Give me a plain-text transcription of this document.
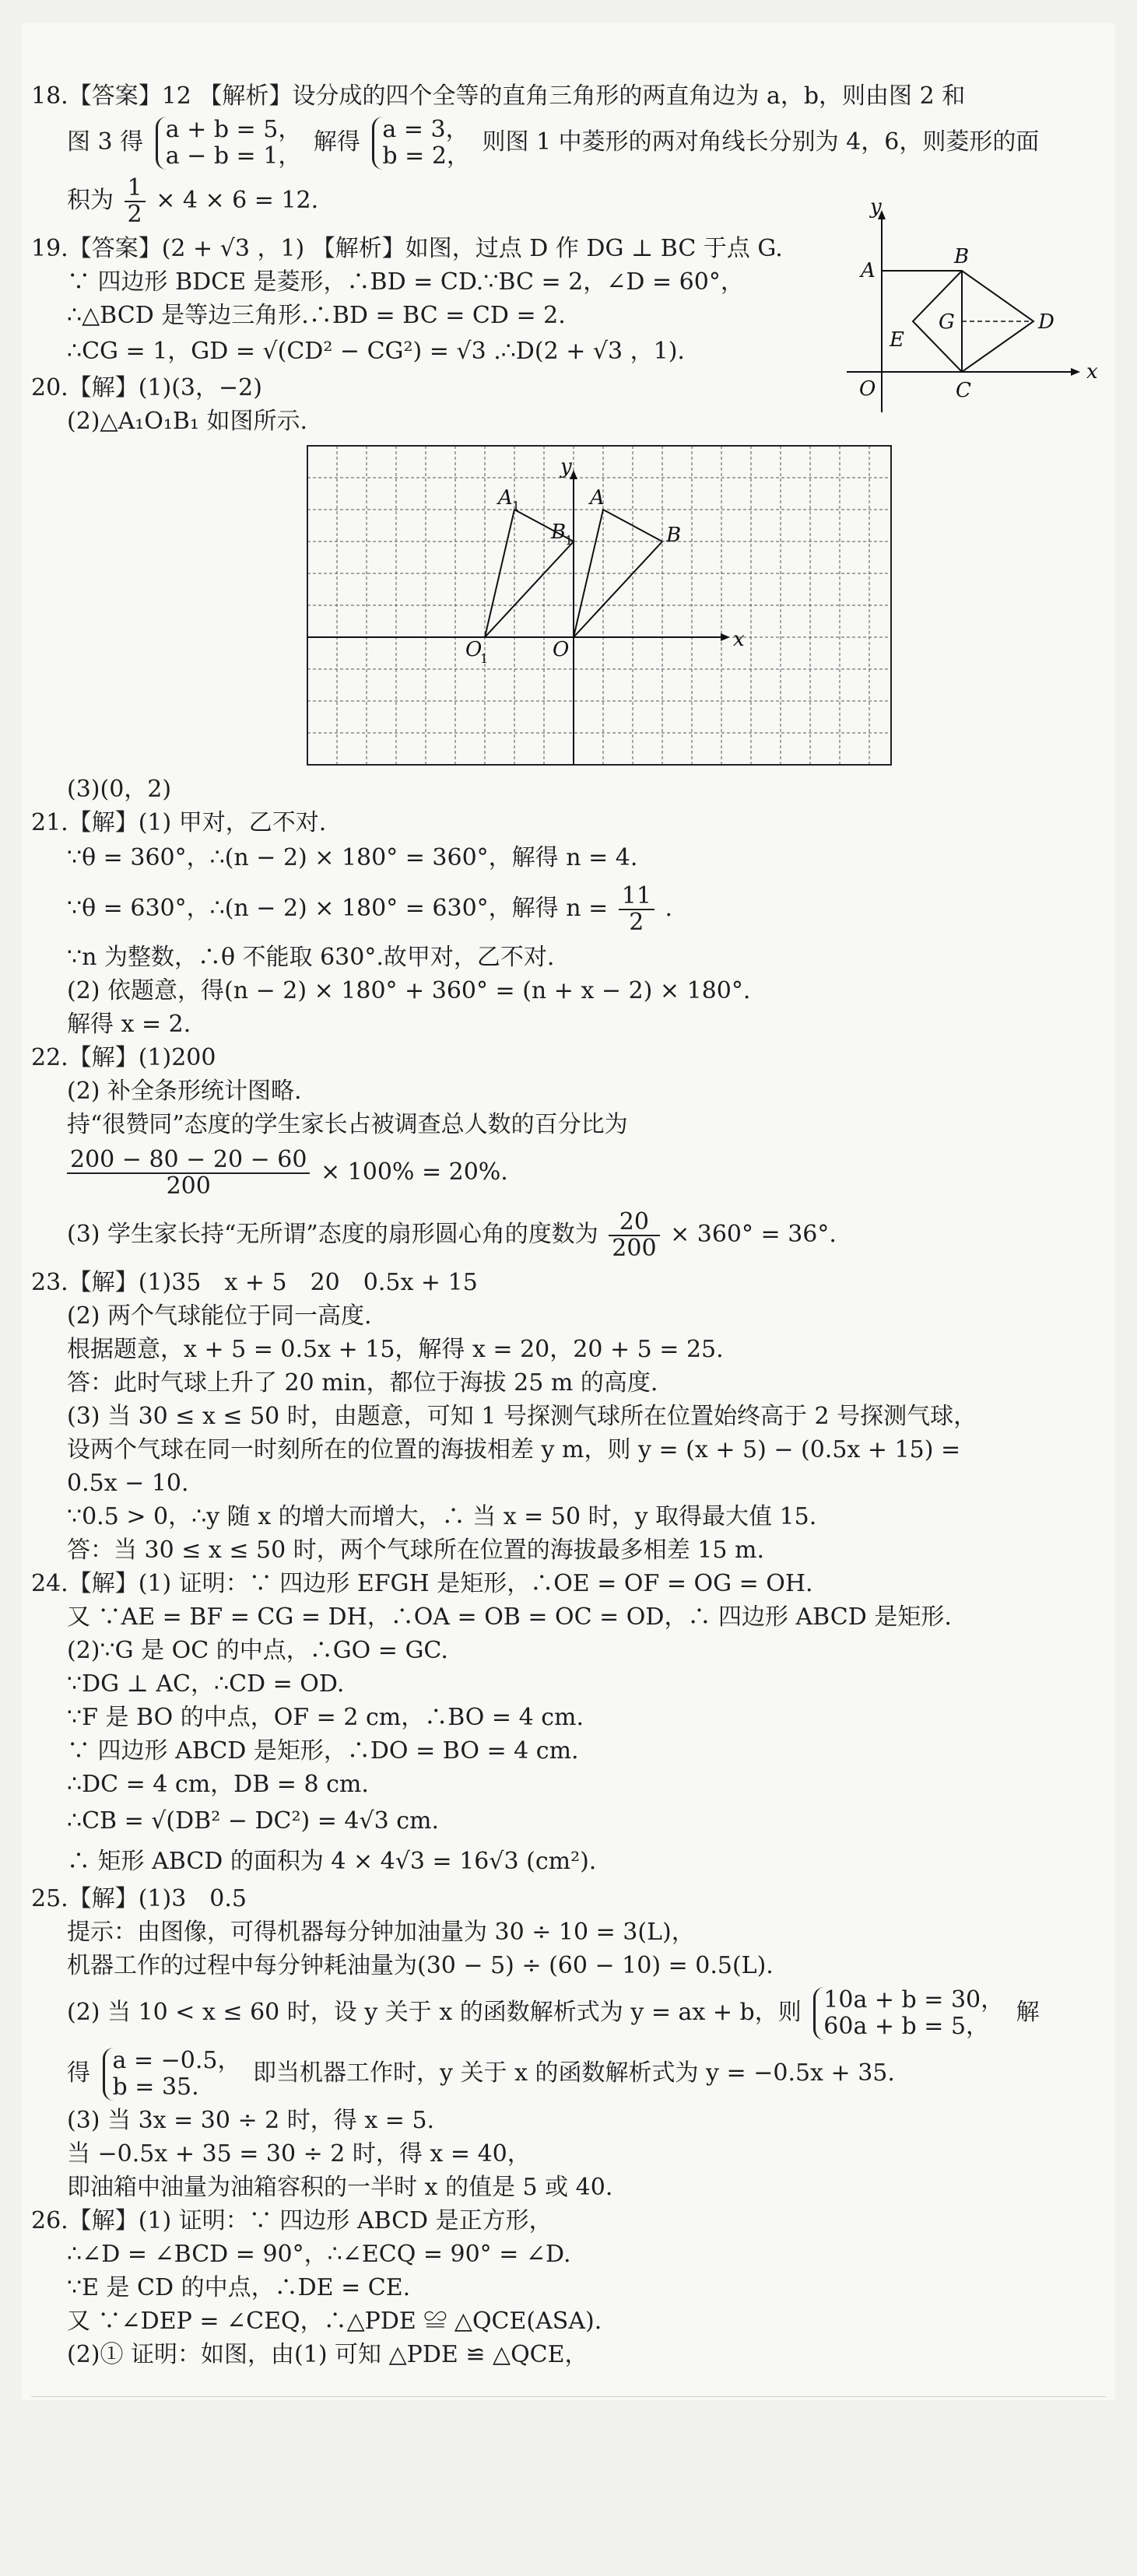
18.【答案】12 【解析】设分成的四个全等的直角三角形的两直角边为 a，b，则由图 2 和
图 3 得 a + b = 5，
a − b = 1，
解得 a = 3，
b = 2，
则图 1 中菱形的两对角线长分别为 4，6，则菱形的面
积为 $\frac{1}{2} \times 4 \times 6 = 12$.
19.【答案】(2 + √3 ，1) 【解析】如图，过点 D 作 DG ⊥ BC 于点 G.
∵ 四边形 BDCE 是菱形，∴BD = CD.∵BC = 2，∠D = 60°，
∴△BCD 是等边三角形.∴BD = BC = CD = 2.
∴CG = 1，GD = √(CD² − CG²) = √3 .∴D(2 + √3 ，1).
20.【解】(1)(3，−2)
(2)△A₁O₁B₁ 如图所示.
y
x
A 1
B
1
O
1
A
B
O
(3)(0，2)
21.【解】(1) 甲对，乙不对.
∵θ = 360°，∴(n − 2) × 180° = 360°，解得 n = 4.
∵θ = 630°，∴(n − 2) × 180° = 630°，解得 $n = \frac{11}{2}$ .
∵n 为整数，∴θ 不能取 630°.故甲对，乙不对.
(2) 依题意，得(n − 2) × 180° + 360° = (n + x − 2) × 180°.
解得 x = 2.
22.【解】(1)200
(2) 补全条形统计图略.
持“很赞同”态度的学生家长占被调查总人数的百分比为
$\frac{200 - 80 - 20 - 60}{200} \times 100\% = 20\%$.
(3) 学生家长持“无所谓”态度的扇形圆心角的度数为 $\frac{20}{200} \times 360^\circ = 36^\circ$.
23.【解】(1)35　x + 5　20　0.5x + 15
(2) 两个气球能位于同一高度.
根据题意，x + 5 = 0.5x + 15，解得 x = 20，20 + 5 = 25.
答：此时气球上升了 20 min，都位于海拔 25 m 的高度.
(3) 当 30 ≤ x ≤ 50 时，由题意，可知 1 号探测气球所在位置始终高于 2 号探测气球，
设两个气球在同一时刻所在的位置的海拔相差 y m，则 y = (x + 5) − (0.5x + 15) =
0.5x − 10.
∵0.5 > 0，∴y 随 x 的增大而增大，∴ 当 x = 50 时，y 取得最大值 15.
答：当 30 ≤ x ≤ 50 时，两个气球所在位置的海拔最多相差 15 m.
24.【解】(1) 证明：∵ 四边形 EFGH 是矩形，∴OE = OF = OG = OH.
又 ∵AE = BF = CG = DH，∴OA = OB = OC = OD，∴ 四边形 ABCD 是矩形.
(2)∵G 是 OC 的中点，∴GO = GC.
∵DG ⊥ AC，∴CD = OD.
∵F 是 BO 的中点，OF = 2 cm，∴BO = 4 cm.
∵ 四边形 ABCD 是矩形，∴DO = BO = 4 cm.
∴DC = 4 cm，DB = 8 cm.
∴CB = √(DB² − DC²) = 4√3 cm.
∴ 矩形 ABCD 的面积为 4 × 4√3 = 16√3 (cm²).
25.【解】(1)3　0.5
提示：由图像，可得机器每分钟加油量为 30 ÷ 10 = 3(L)，
机器工作的过程中每分钟耗油量为(30 − 5) ÷ (60 − 10) = 0.5(L).
(2) 当 10 < x ≤ 60 时，设 y 关于 x 的函数解析式为 y = ax + b，则 10a + b = 30，
60a + b = 5，
解
得 a = −0.5，
b = 35.
即当机器工作时，y 关于 x 的函数解析式为 y = −0.5x + 35.
(3) 当 3x = 30 ÷ 2 时，得 x = 5.
当 −0.5x + 35 = 30 ÷ 2 时，得 x = 40，
即油箱中油量为油箱容积的一半时 x 的值是 5 或 40.
26.【解】(1) 证明：∵ 四边形 ABCD 是正方形，
∴∠D = ∠BCD = 90°，∴∠ECQ = 90° = ∠D.
∵E 是 CD 的中点，∴DE = CE.
又 ∵∠DEP = ∠CEQ，∴△PDE ≌ △QCE(ASA).
(2)① 证明：如图，由(1) 可知 △PDE ≌ △QCE，
y
x
A
B
G	D
E
O	C
